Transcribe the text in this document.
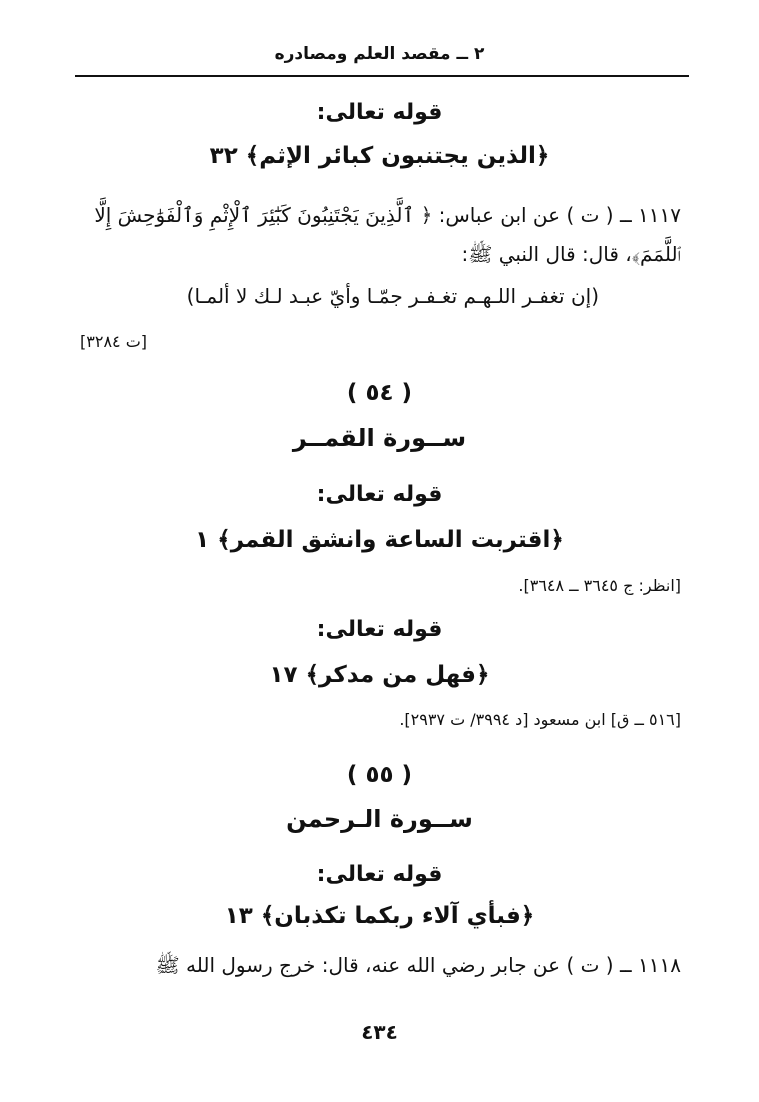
٢ ــ مقصد العلم ومصادره
قوله تعالى:
﴿الذين يجتنبون كبائر الإثم﴾ ٣٢
١١١٧ ــ ( ت ) عن ابن عباس: ﴿ ٱلَّذِينَ يَجْتَنِبُونَ كَبَٰٓئِرَ ٱلْإِثْمِ وَٱلْفَوَٰحِشَ إِلَّا
ٱللَّمَمَ﴾، قال: قال النبي ﷺ:
(إن تغفـر اللـهـم تغـفـر جمّـا وأيّ عبـد لـك لا ألمـا)
[ت ٣٢٨٤]
( ٥٤ )
ســورة القمــر
قوله تعالى:
﴿اقتربت الساعة وانشق القمر﴾ ١
[انظر: ج ٣٦٤٥ ــ ٣٦٤٨].
قوله تعالى:
﴿فهل من مدكر﴾ ١٧
[٥١٦ ــ ق] ابن مسعود [د ٣٩٩٤/ ت ٢٩٣٧].
( ٥٥ )
ســورة الـرحمن
قوله تعالى:
﴿فبأي آلاء ربكما تكذبان﴾ ١٣
١١١٨ ــ ( ت ) عن جابر رضي الله عنه، قال: خرج رسول الله ﷺ
٤٣٤
